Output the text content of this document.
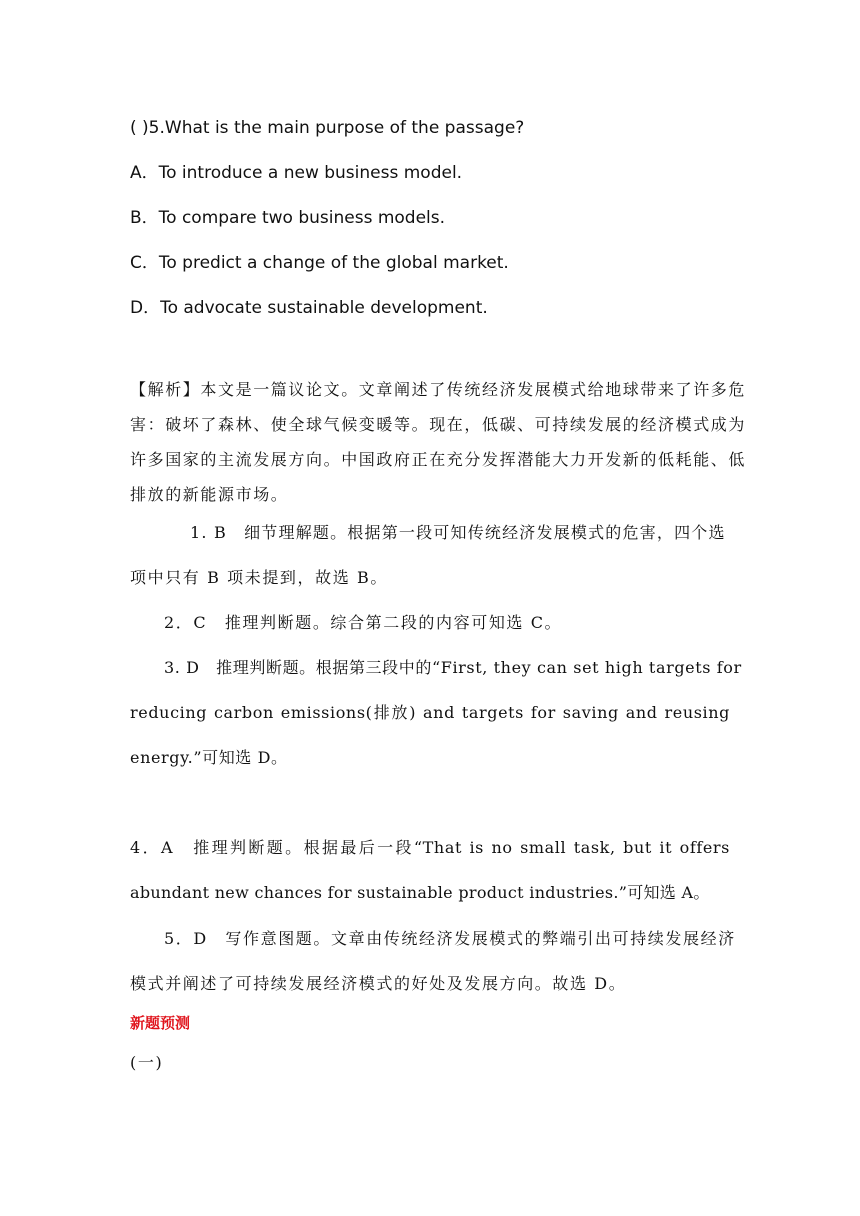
( )5.What is the main purpose of the passage?
A．To introduce a new business model.
B．To compare two business models.
C．To predict a change of the global market.
D．To advocate sustainable development.
【解析】本文是一篇议论文。文章阐述了传统经济发展模式给地球带来了许多危
害：破坏了森林、使全球气候变暖等。现在，低碳、可持续发展的经济模式成为
许多国家的主流发展方向。中国政府正在充分发挥潜能大力开发新的低耗能、低
排放的新能源市场。
1. B　细节理解题。根据第一段可知传统经济发展模式的危害，四个选
项中只有 B 项未提到，故选 B。
2．C　推理判断题。综合第二段的内容可知选 C。
3. D　推理判断题。根据第三段中的“First, they can set high targets for
reducing carbon emissions(排放) and targets for saving and reusing
energy.”可知选 D。
4．A　推理判断题。根据最后一段“That is no small task, but it offers
abundant new chances for sustainable product industries.”可知选 A。
5．D　写作意图题。文章由传统经济发展模式的弊端引出可持续发展经济
模式并阐述了可持续发展经济模式的好处及发展方向。故选 D。
新题预测
(一)
